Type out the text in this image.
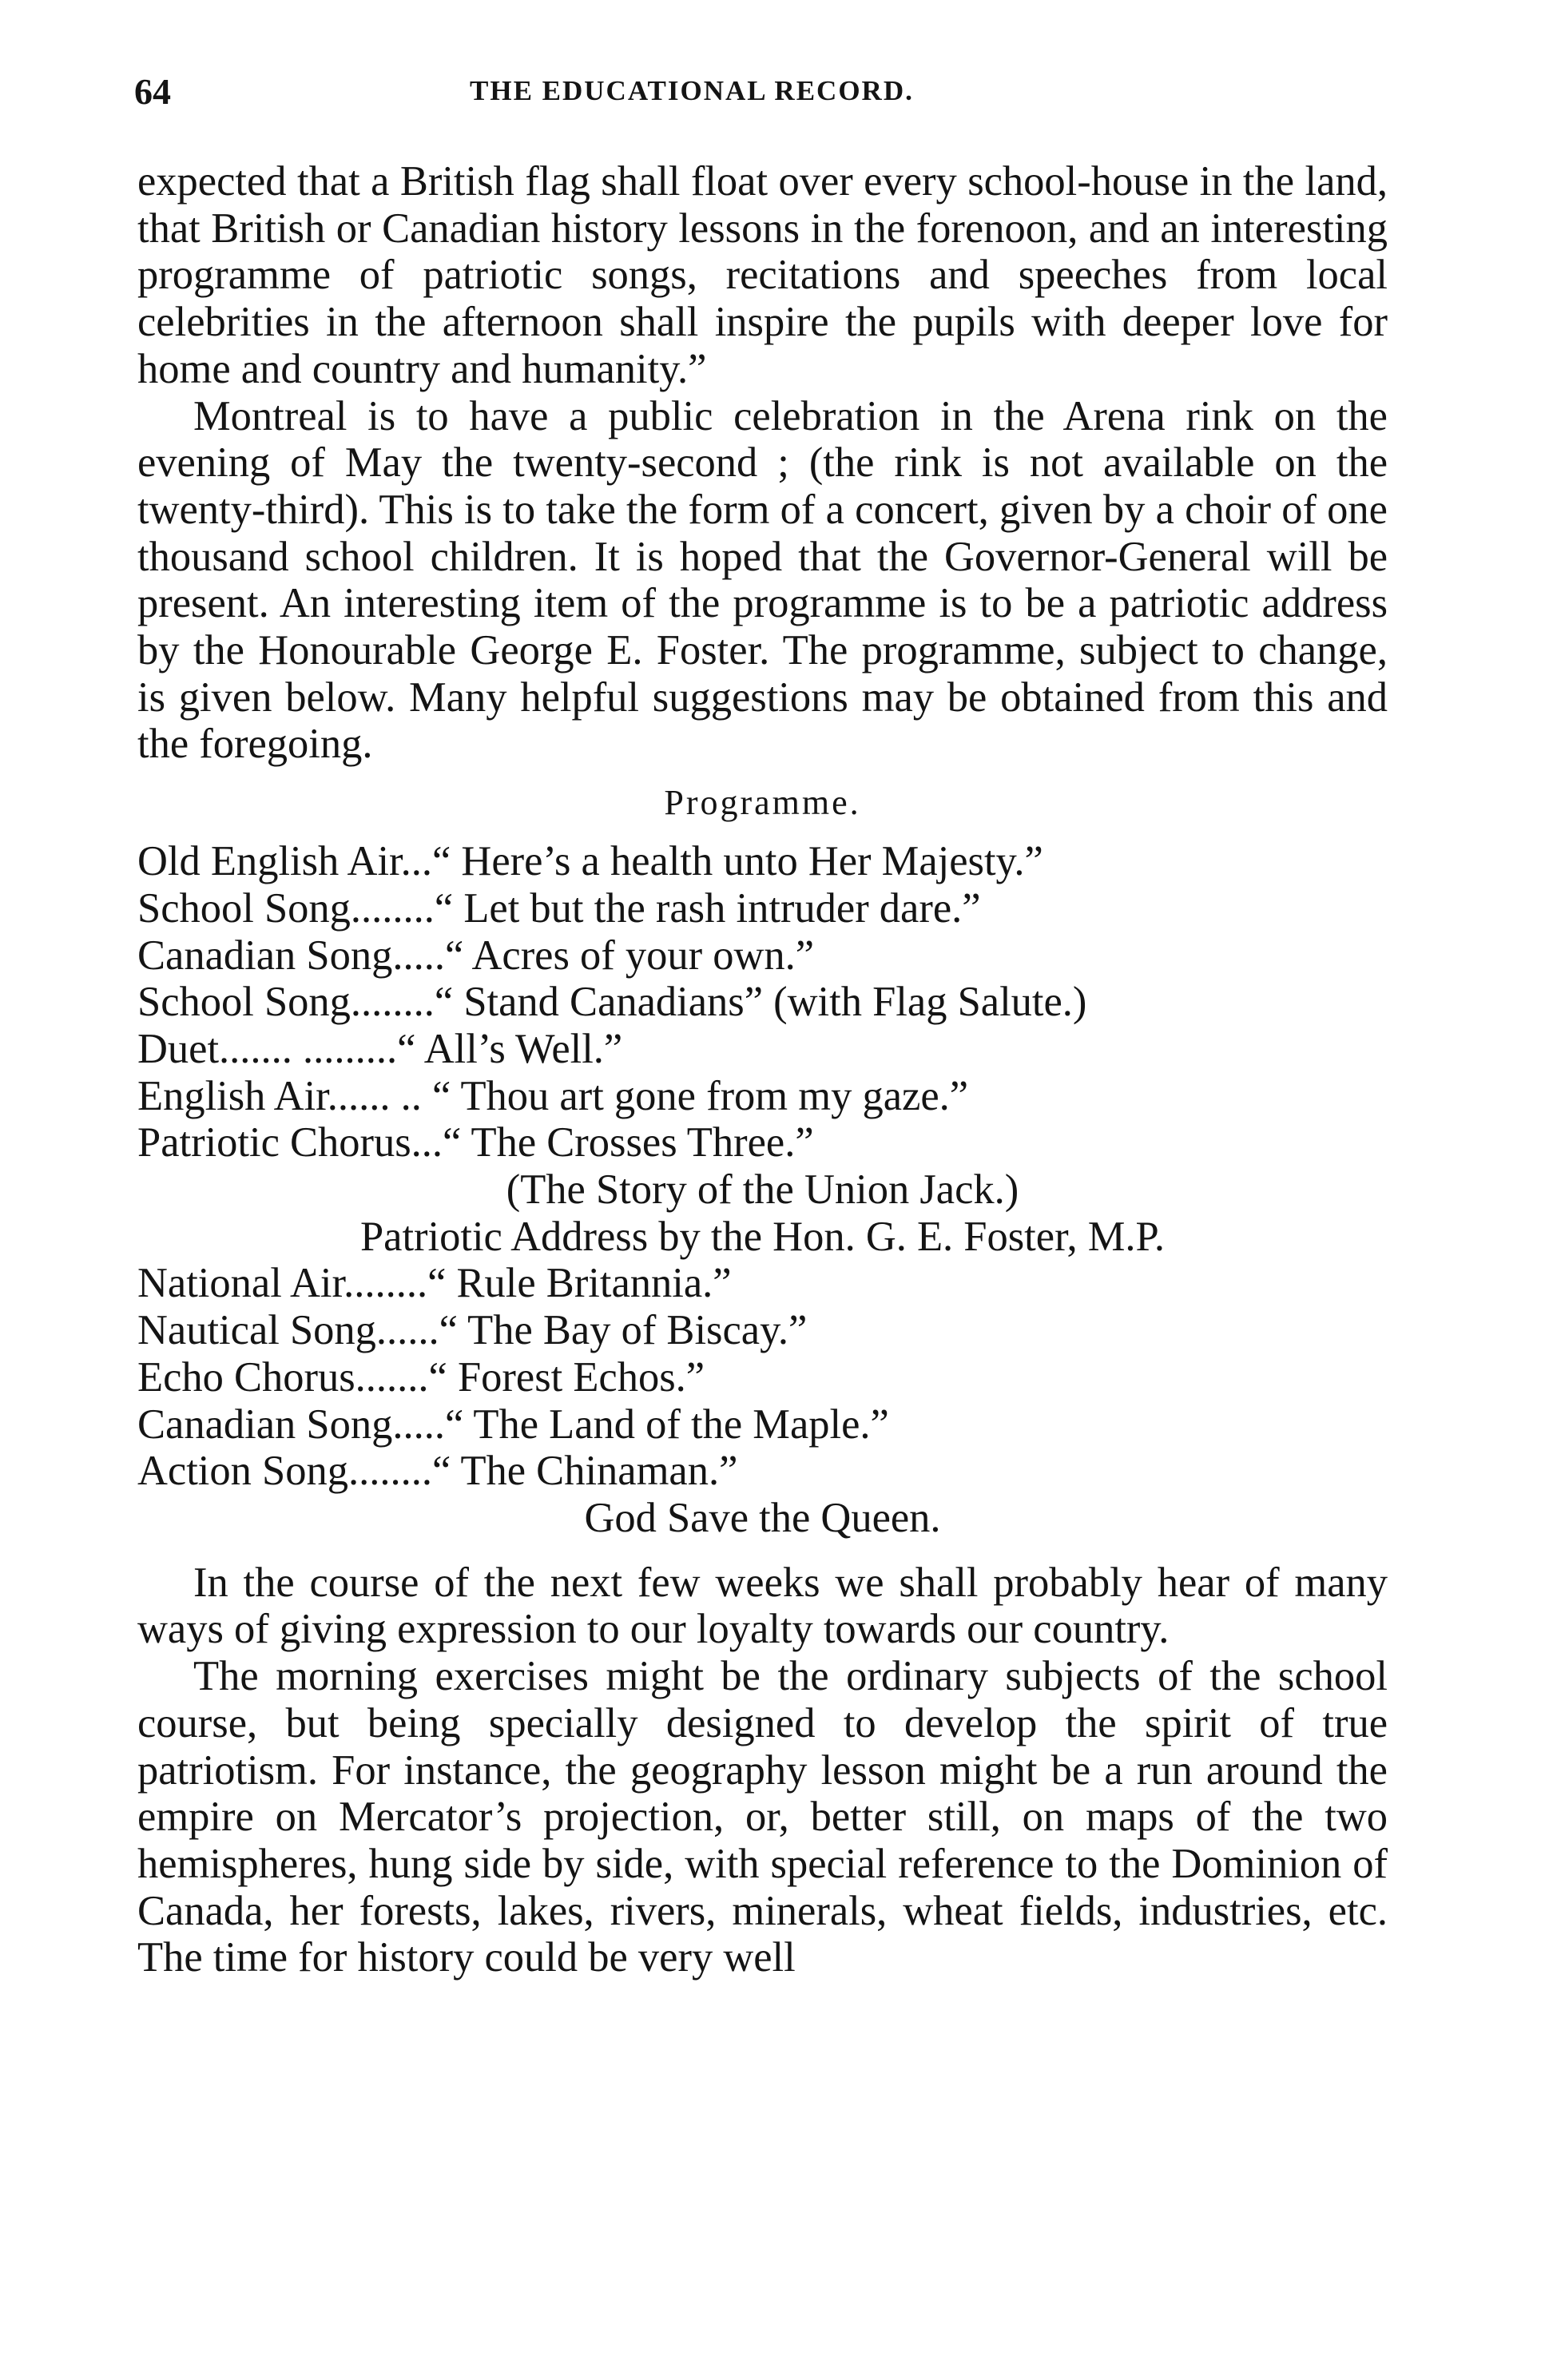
64	THE EDUCATIONAL RECORD.

expected that a British flag shall float over every school-house in the land, that British or Canadian history lessons in the forenoon, and an interesting programme of patriotic songs, recitations and speeches from local celebrities in the afternoon shall inspire the pupils with deeper love for home and country and humanity.”

Montreal is to have a public celebration in the Arena rink on the evening of May the twenty-second ; (the rink is not available on the twenty-third). This is to take the form of a concert, given by a choir of one thousand school children. It is hoped that the Governor-General will be present. An interesting item of the programme is to be a patriotic address by the Honourable George E. Foster. The programme, subject to change, is given below. Many helpful suggestions may be obtained from this and the foregoing.

Programme.

Old English Air...“ Here’s a health unto Her Majesty.”

School Song........“ Let but the rash intruder dare.”

Canadian Song.....“ Acres of your own.”

School Song........“ Stand Canadians” (with Flag Salute.)

Duet....... .........“ All’s Well.”

English Air...... .. “ Thou art gone from my gaze.”

Patriotic Chorus...“ The Crosses Three.”

(The Story of the Union Jack.)

Patriotic Address by the Hon. G. E. Foster, M.P.

National Air........“ Rule Britannia.”

Nautical Song......“ The Bay of Biscay.”

Echo Chorus.......“ Forest Echos.”

Canadian Song.....“ The Land of the Maple.”

Action Song........“ The Chinaman.”

God Save the Queen.

In the course of the next few weeks we shall probably hear of many ways of giving expression to our loyalty towards our country.

The morning exercises might be the ordinary subjects of the school course, but being specially designed to develop the spirit of true patriotism. For instance, the geography lesson might be a run around the empire on Mercator’s projection, or, better still, on maps of the two hemispheres, hung side by side, with special reference to the Dominion of Canada, her forests, lakes, rivers, minerals, wheat fields, industries, etc. The time for history could be very well
